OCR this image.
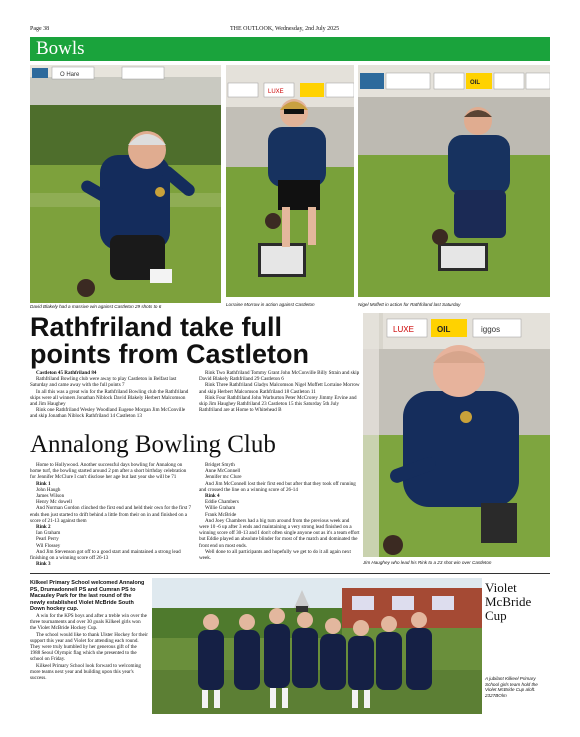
Page 38	THE OUTLOOK, Wednesday, 2nd July 2025
Bowls
O Hare
David Blakely had a massive win against Castleton 29 shots to 6
LUXE
Lorraine Morrow in action against Castleton
OIL
Nigel Moffett in action for Rathfriland last Saturday
Rathfriland take full points from Castleton

Castleton 45 Rathfriland 84

Rathfriland Bowling club were away to play Castleton in Belfast last Saturday and came away with the full points 7

In all this was a great win for the Rathfriland Bowling club the Rathfriland skips were all winners Jonathan Niblock David Blakely Herbert Malcomson and Jim Haughey

Rink one Rathfriland Wesley Woodland Eugene Morgan Jim McConville and skip Jonathan Niblock Rathfriland 14 Castleton 13

Rink Two Rathfriland Tommy Grant John McConville Billy Strain and skip David Blakely Rathfriland 29 Castleton 6

Rink Three Rathfriland Gladys Malcomson Nigel Moffett Lorraine Morrow and skip Herbert Malcomson Rathfriland 18 Castleton 11

Rink Four Rathfriland John Warburton Peter McCrorey Jimmy Ervine and skip Jim Haughey Rathfriland 23 Castleton 15 this Saturday 5th July Rathfriland are at Home to Whitehead B

Annalong Bowling Club

Home to Hollywood. Another successful days bowling for Annalong on home turf, the bowling started around 2 pm after a short birthday celebration for Jennifer McClure I can't disclose her age but last year she will be 71

Rink 1

John Haugh

James Wilson

Henry Mc dowell

And Norman Gordon clinched the first end and held their own for the first 7 ends then just started to drift behind a little from their on in and finished on a score of 21-13 against them

Rink 2

Ian Graham

Pearl Perry

Wil Flossey

And Jim Stevenson got off to a good start and maintained a strong lead finishing on a winning score off 26-13

Rink 3

Bridget Smyth

Anne McConnell

Jennifer mc Clure

And Jim McConnell lost their first end but after that they took off running and crossed the line on a winning score of 26-14

Rink 4

Eddie Chambers

Willie Graham

Frank McBride

And Joey Chambers had a big turn around from the previous week and were 10 -6 up after 3 ends and maintaining a very strong lead finished on a winning score off 30-13 and I don't often single anyone out as it's a team effort but Eddie played an absolute blinder for most of the match and dominated the front end on most ends.

Well done to all participants and hopefully we get to do it all again next week.

LUXE	OIL	iggos
Jim Haughey who lead his Rink to a 23 shot win over Castleton
Kilkeel Primary School welcomed Annalong PS, Drumadonnell PS and Cumran PS to Macauley Park for the last round of the newly established Violet McBride South Down hockey cup.

A win for the KPS boys and after a treble win over the three tournaments and over 30 goals Kilkeel girls won the Violet McBride Hockey Cup.

The school would like to thank Ulster Hockey for their support this year and Violet for attending each round. They were truly humbled by her generous gift of the 1988 Seoul Olympic flag which she presented to the school on Friday.

Kilkeel Primary School look forward to welcoming more teams next year and building upon this year's success.

Violet McBride Cup
A jubilant Kilkeel Primary School girls team hold the Violet McBride Cup aloft. 2327BOlm
